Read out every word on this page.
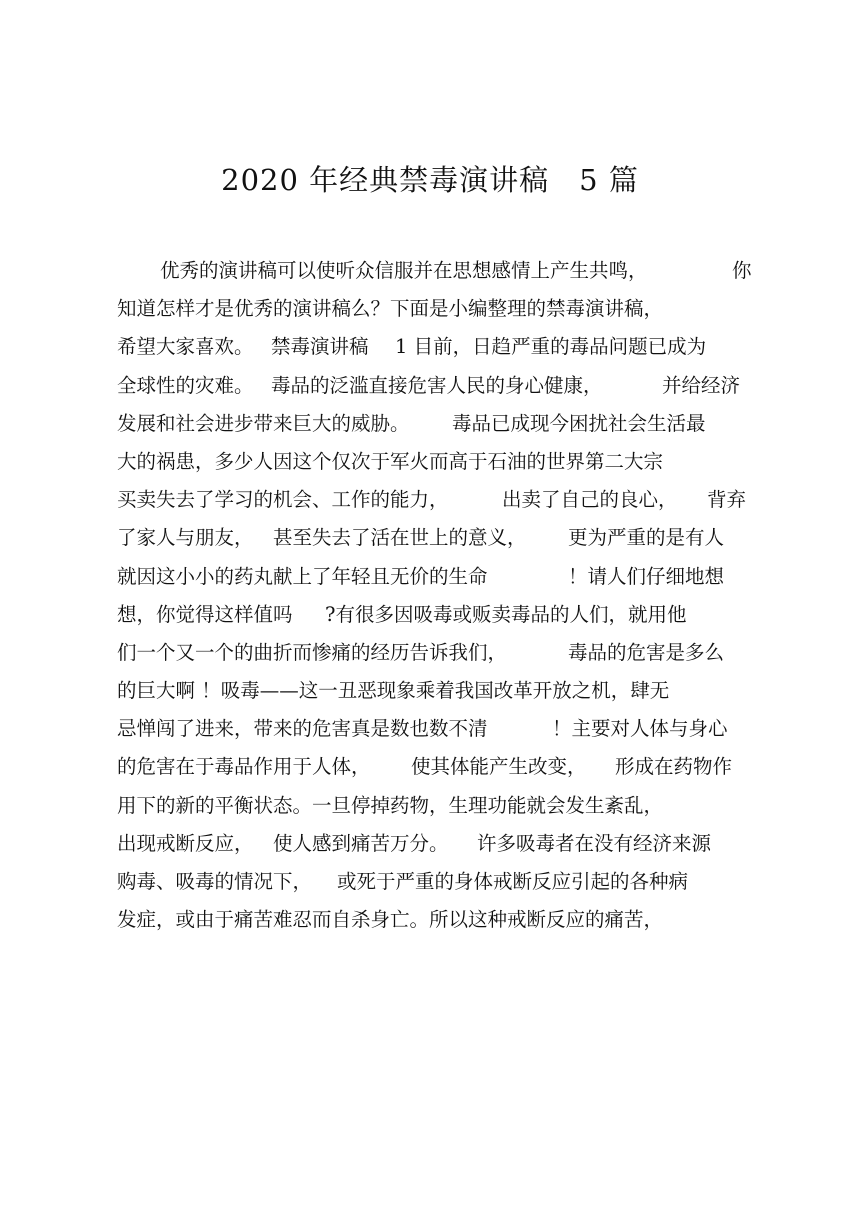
2020 年经典禁毒演讲稿 5 篇
优秀的演讲稿可以使听众信服并在思想感情上产生共鸣，	你
知道怎样才是优秀的演讲稿么？下面是小编整理的禁毒演讲稿，
希望大家喜欢。 禁毒演讲稿 1 目前，日趋严重的毒品问题已成为
全球性的灾难。 毒品的泛滥直接危害人民的身心健康，	并给经济
发展和社会进步带来巨大的威胁。 毒品已成现今困扰社会生活最
大的祸患，多少人因这个仅次于军火而高于石油的世界第二大宗
买卖失去了学习的机会、工作的能力，	出卖了自己的良心， 背弃
了家人与朋友， 甚至失去了活在世上的意义， 更为严重的是有人
就因这小小的药丸献上了年轻且无价的生命	！请人们仔细地想
想，你觉得这样值吗 ?有很多因吸毒或贩卖毒品的人们，就用他
们一个又一个的曲折而惨痛的经历告诉我们，	毒品的危害是多么
的巨大啊 ！吸毒——这一丑恶现象乘着我国改革开放之机，肆无
忌惮闯了进来，带来的危害真是数也数不清	！主要对人体与身心
的危害在于毒品作用于人体， 使其体能产生改变， 形成在药物作
用下的新的平衡状态。一旦停掉药物，生理功能就会发生紊乱，
出现戒断反应， 使人感到痛苦万分。 许多吸毒者在没有经济来源
购毒、吸毒的情况下， 或死于严重的身体戒断反应引起的各种病
发症，或由于痛苦难忍而自杀身亡。所以这种戒断反应的痛苦，
